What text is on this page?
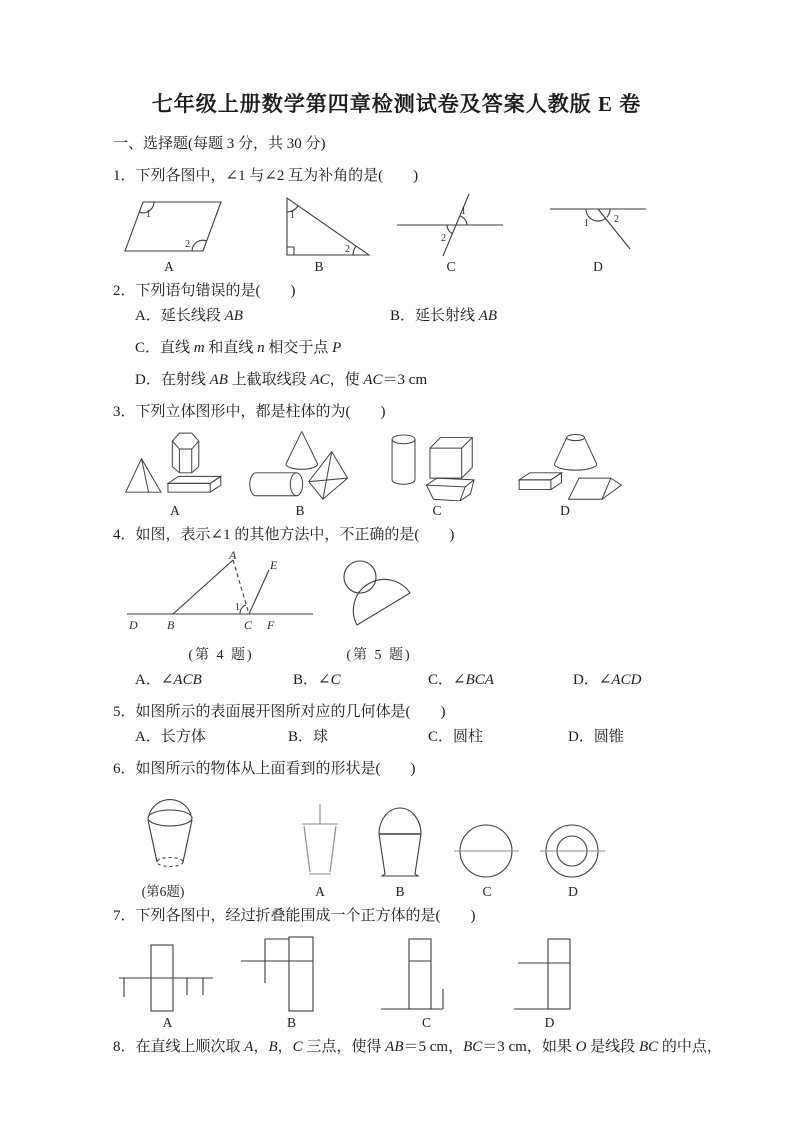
七年级上册数学第四章检测试卷及答案人教版 E 卷

一、选择题(每题 3 分，共 30 分)

1．下列各图中，∠1 与∠2 互为补角的是(　　)

1
2
A
1
2
B
1
2
C
1	2
D

2．下列语句错误的是(　　)

A．延长线段 AB	B．延长射线 AB

C．直线 m 和直线 n 相交于点 P

D．在射线 AB 上截取线段 AC，使 AC＝3 cm

3．下列立体图形中，都是柱体的为(　　)

A	B	C	D

4．如图，表示∠1 的其他方法中，不正确的是(　　)

A
E
D B	C F
1
(第 4 题)	(第 5 题)
A．∠ACB	B．∠C	C．∠BCA	D．∠ACD

5．如图所示的表面展开图所对应的几何体是(　　)

A．长方体	B．球	C．圆柱	D．圆锥

6．如图所示的物体从上面看到的形状是(　　)

(第6题)	A	B	C	D

7．下列各图中，经过折叠能围成一个正方体的是(　　)

A	B	C	D

8．在直线上顺次取 A，B，C 三点，使得 AB＝5 cm，BC＝3 cm，如果 O 是线段 BC 的中点，
